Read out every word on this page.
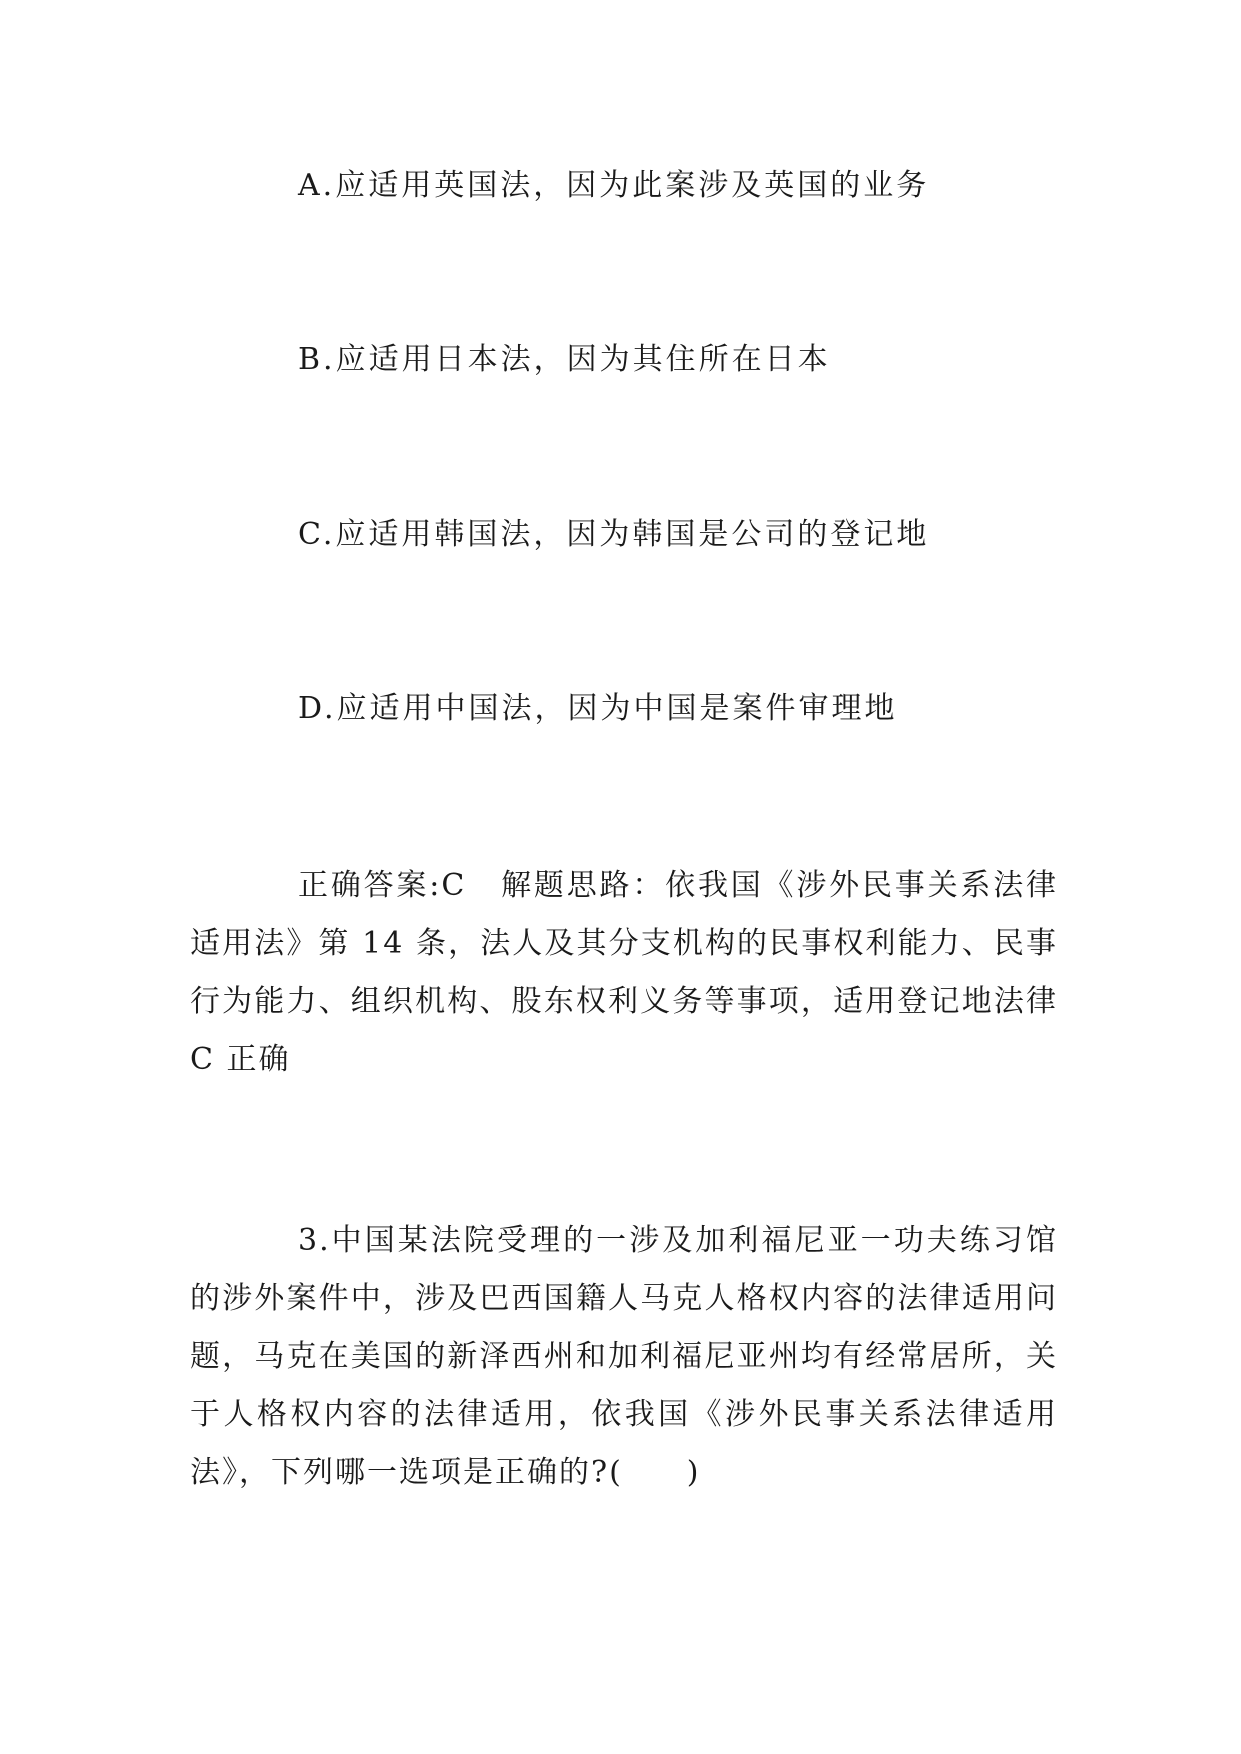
A.应适用英国法，因为此案涉及英国的业务
B.应适用日本法，因为其住所在日本
C.应适用韩国法，因为韩国是公司的登记地
D.应适用中国法，因为中国是案件审理地
正确答案:C 解题思路：依我国《涉外民事关系法律适用法》第 14 条，法人及其分支机构的民事权利能力、民事行为能力、组织机构、股东权利义务等事项，适用登记地法律 C 正确
3.中国某法院受理的一涉及加利福尼亚一功夫练习馆的涉外案件中，涉及巴西国籍人马克人格权内容的法律适用问题，马克在美国的新泽西州和加利福尼亚州均有经常居所，关于人格权内容的法律适用，依我国《涉外民事关系法律适用法》，下列哪一选项是正确的?(　　)
